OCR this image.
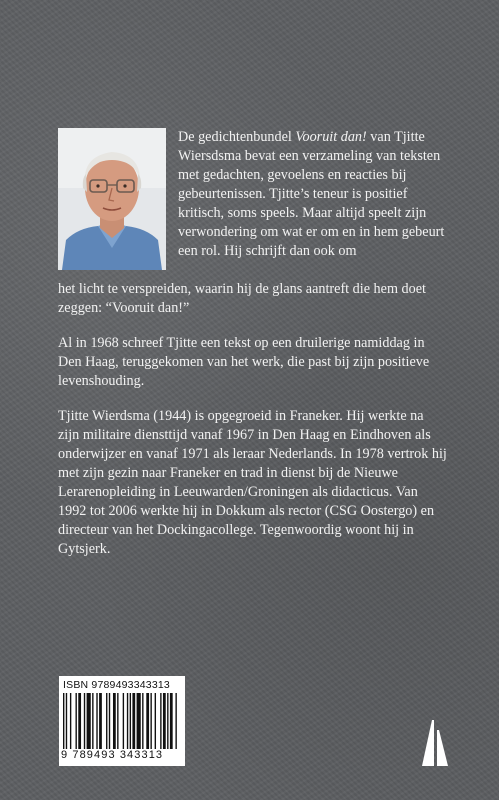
De gedichtenbundel Vooruit dan! van Tjitte Wiersdsma bevat een verzameling van teksten met gedachten, gevoelens en reacties bij gebeurtenissen. Tjitte’s teneur is positief kritisch, soms speels. Maar altijd speelt zijn verwondering om wat er om en in hem gebeurt een rol. Hij schrijft dan ook om

het licht te verspreiden, waarin hij de glans aantreft die hem doet zeggen: “Vooruit dan!”

Al in 1968 schreef Tjitte een tekst op een druilerige namiddag in Den Haag, teruggekomen van het werk, die past bij zijn positieve levenshouding.

Tjitte Wierdsma (1944) is opgegroeid in Franeker. Hij werkte na zijn militaire diensttijd vanaf 1967 in Den Haag en Eindhoven als onderwijzer en vanaf 1971 als leraar Nederlands. In 1978 vertrok hij met zijn gezin naar Franeker en trad in dienst bij de Nieuwe Lerarenopleiding in Leeuwarden/Groningen als didacticus. Van 1992 tot 2006 werkte hij in Dokkum als rector (CSG Oostergo) en directeur van het Dockingacollege. Tegenwoordig woont hij in Gytsjerk.

ISBN 9789493343313
9 789493 343313
